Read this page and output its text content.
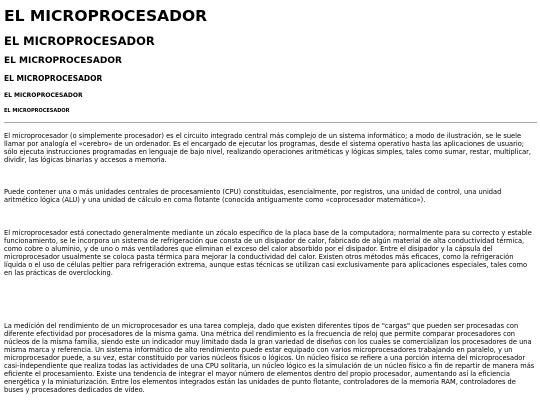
EL MICROPROCESADOR
EL MICROPROCESADOR
EL MICROPROCESADOR
EL MICROPROCESADOR
EL MICROPROCESADOR
EL MICROPROCESADOR

El microprocesador (o simplemente procesador) es el circuito integrado central más complejo de un sistema informático; a modo de ilustración, se le suele llamar por analogía el «cerebro» de un ordenador. Es el encargado de ejecutar los programas, desde el sistema operativo hasta las aplicaciones de usuario; sólo ejecuta instrucciones programadas en lenguaje de bajo nivel, realizando operaciones aritméticas y lógicas simples, tales como sumar, restar, multiplicar, dividir, las lógicas binarias y accesos a memoria.

Puede contener una o más unidades centrales de procesamiento (CPU) constituidas, esencialmente, por registros, una unidad de control, una unidad aritmético lógica (ALU) y una unidad de cálculo en coma flotante (conocida antiguamente como «coprocesador matemático»).

El microprocesador está conectado generalmente mediante un zócalo específico de la placa base de la computadora; normalmente para su correcto y estable funcionamiento, se le incorpora un sistema de refrigeración que consta de un disipador de calor, fabricado de algún material de alta conductividad térmica, como cobre o aluminio, y de uno o más ventiladores que eliminan el exceso del calor absorbido por el disipador. Entre el disipador y la cápsula del microprocesador usualmente se coloca pasta térmica para mejorar la conductividad del calor. Existen otros métodos más eficaces, como la refrigeración líquida o el uso de células peltier para refrigeración extrema, aunque estas técnicas se utilizan casi exclusivamente para aplicaciones especiales, tales como en las prácticas de overclocking.

La medición del rendimiento de un microprocesador es una tarea compleja, dado que existen diferentes tipos de "cargas" que pueden ser procesadas con diferente efectividad por procesadores de la misma gama. Una métrica del rendimiento es la frecuencia de reloj que permite comparar procesadores con núcleos de la misma familia, siendo este un indicador muy limitado dada la gran variedad de diseños con los cuales se comercializan los procesadores de una misma marca y referencia. Un sistema informático de alto rendimiento puede estar equipado con varios microprocesadores trabajando en paralelo, y un microprocesador puede, a su vez, estar constituido por varios núcleos físicos o lógicos. Un núcleo físico se refiere a una porción interna del microprocesador casi-independiente que realiza todas las actividades de una CPU solitaria, un núcleo lógico es la simulación de un núcleo físico a fin de repartir de manera más eficiente el procesamiento. Existe una tendencia de integrar el mayor número de elementos dentro del propio procesador, aumentando así la eficiencia energética y la miniaturización. Entre los elementos integrados están las unidades de punto flotante, controladores de la memoria RAM, controladores de buses y procesadores dedicados de vídeo.
